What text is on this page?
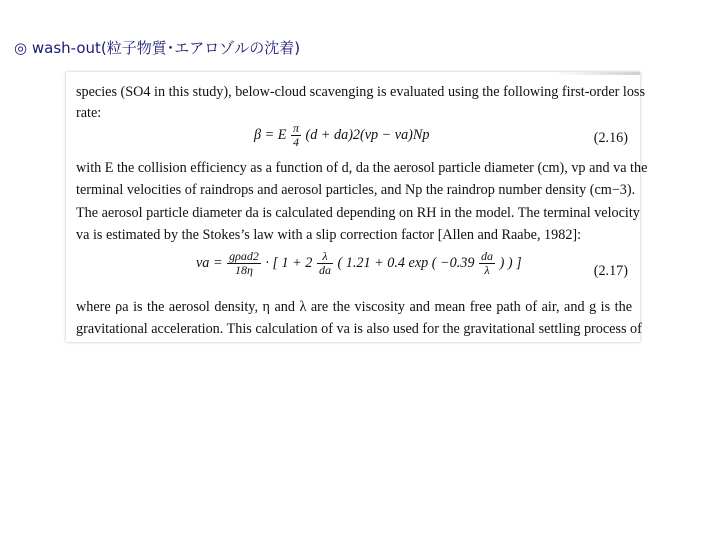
◎ wash-out(粒子物質･エアロゾルの沈着)
species (SO4 in this study), below-cloud scavenging is evaluated using the following first-order loss
rate:
β = E $\frac{\pi}{4} (d + da)2(vp - va)Np$	(2.16)
with E the collision efficiency as a function of d, da the aerosol particle diameter (cm), vp and va the
terminal velocities of raindrops and aerosol particles, and Np the raindrop number density (cm−3).
The aerosol particle diameter da is calculated depending on RH in the model. The terminal velocity
va is estimated by the Stokes’s law with a slip correction factor [Allen and Raabe, 1982]:
va = $\frac{\text{gρad2}}{18\eta}$ · [ $1 + 2 \frac{\lambda}{da}$ ( 1.21 + 0.4 exp ( $-0.39 \frac{da}{\lambda}$ ) ) ]
(2.17)
where ρa is the aerosol density, η and λ are the viscosity and mean free path of air, and g is the
gravitational acceleration. This calculation of va is also used for the gravitational settling process of
